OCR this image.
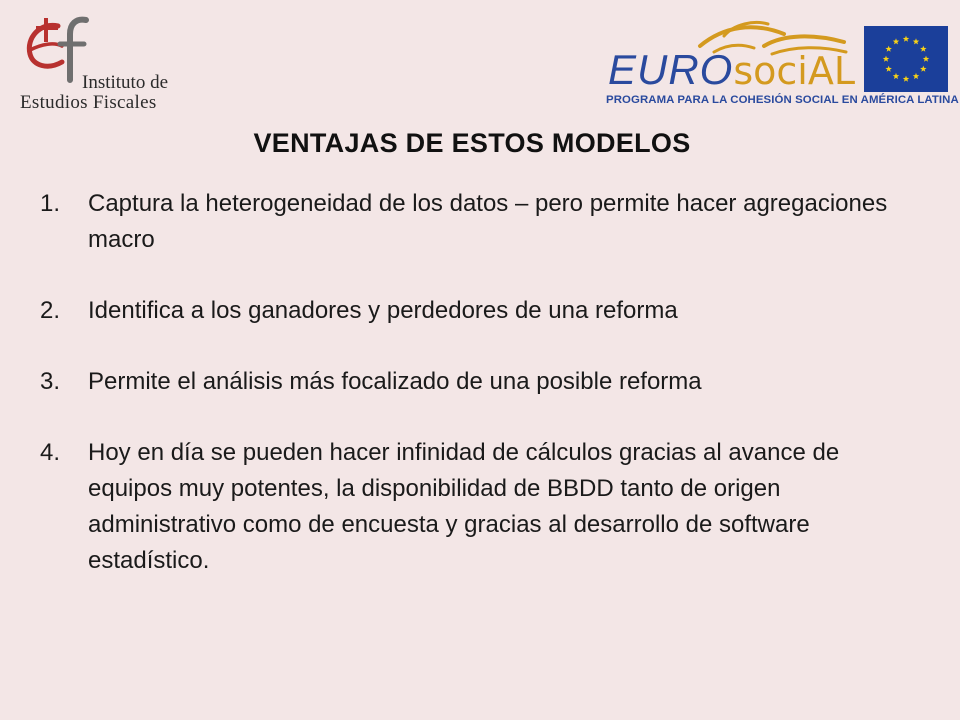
Instituto de
Estudios Fiscales
EUROsociAL
PROGRAMA PARA LA COHESIÓN SOCIAL EN AMÉRICA LATINA
VENTAJAS DE ESTOS MODELOS
1. Captura la heterogeneidad de los datos – pero permite hacer agregaciones macro
2. Identifica a los ganadores y perdedores de una reforma
3. Permite el análisis más focalizado de una posible reforma
4. Hoy en día se pueden hacer infinidad de cálculos gracias al avance de equipos muy potentes, la disponibilidad de BBDD tanto de origen administrativo como de encuesta y gracias al desarrollo de software estadístico.
